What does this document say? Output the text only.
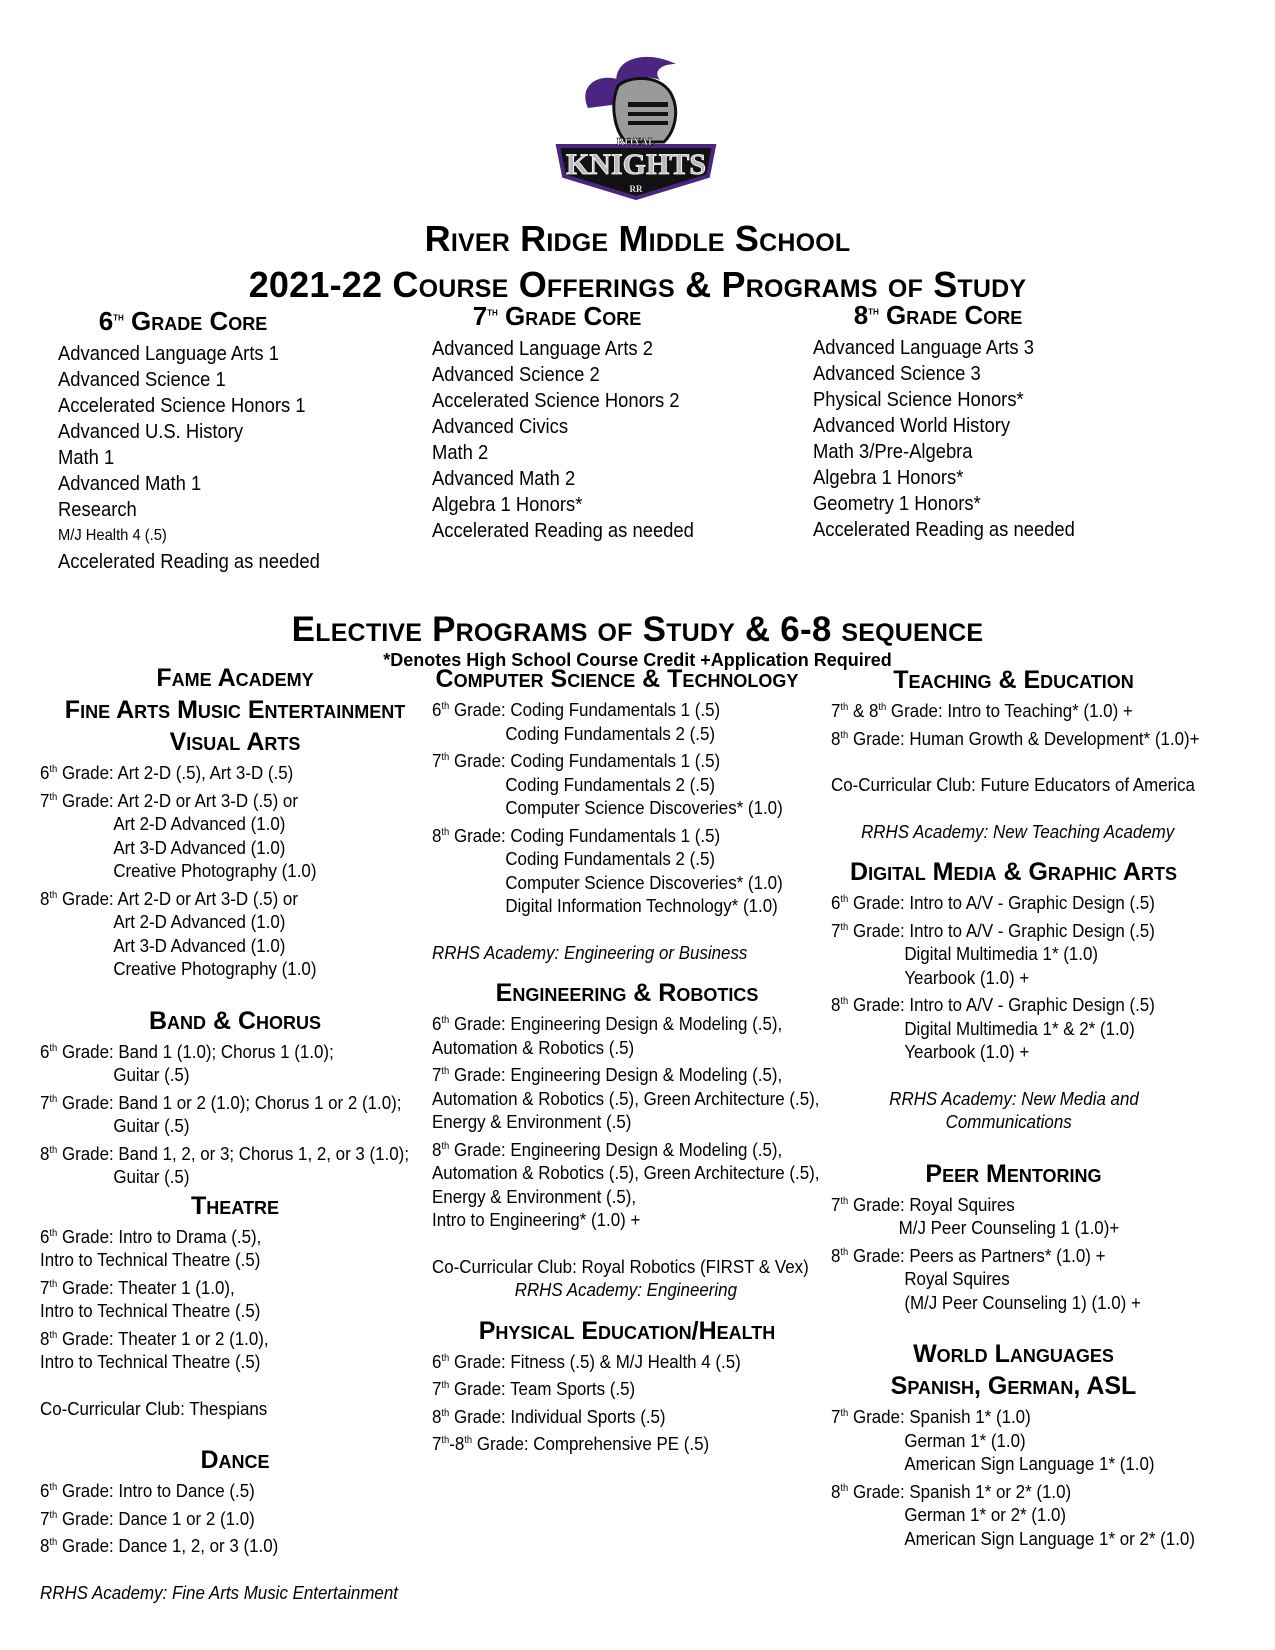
ROYAL
KNIGHTS
RR
River Ridge Middle School
2021-22 Course Offerings & Programs of Study
6th Grade Core
Advanced Language Arts 1
Advanced Science 1
Accelerated Science Honors 1
Advanced U.S. History
Math 1
Advanced Math 1
Research
M/J Health 4 (.5)
Accelerated Reading as needed
7th Grade Core
Advanced Language Arts 2
Advanced Science 2
Accelerated Science Honors 2
Advanced Civics
Math 2
Advanced Math 2
Algebra 1 Honors*
Accelerated Reading as needed
8th Grade Core
Advanced Language Arts 3
Advanced Science 3
Physical Science Honors*
Advanced World History
Math 3/Pre-Algebra
Algebra 1 Honors*
Geometry 1 Honors*
Accelerated Reading as needed
Elective Programs of Study & 6-8 sequence
*Denotes High School Course Credit +Application Required
Fame Academy
Fine Arts Music Entertainment
Visual Arts
6th Grade: Art 2-D (.5), Art 3-D (.5)
7th Grade: Art 2-D or Art 3-D (.5) or
Art 2-D Advanced (1.0)
Art 3-D Advanced (1.0)
Creative Photography (1.0)
8th Grade: Art 2-D or Art 3-D (.5) or
Art 2-D Advanced (1.0)
Art 3-D Advanced (1.0)
Creative Photography (1.0)
Band & Chorus
6th Grade: Band 1 (1.0); Chorus 1 (1.0);
Guitar (.5)
7th Grade: Band 1 or 2 (1.0); Chorus 1 or 2 (1.0);
Guitar (.5)
8th Grade: Band 1, 2, or 3; Chorus 1, 2, or 3 (1.0);
Guitar (.5)
Theatre
6th Grade: Intro to Drama (.5),
Intro to Technical Theatre (.5)
7th Grade: Theater 1 (1.0),
Intro to Technical Theatre (.5)
8th Grade: Theater 1 or 2 (1.0),
Intro to Technical Theatre (.5)
Co-Curricular Club: Thespians
Dance
6th Grade: Intro to Dance (.5)
7th Grade: Dance 1 or 2 (1.0)
8th Grade: Dance 1, 2, or 3 (1.0)
RRHS Academy: Fine Arts Music Entertainment
Computer Science & Technology
6th Grade: Coding Fundamentals 1 (.5)
Coding Fundamentals 2 (.5)
7th Grade: Coding Fundamentals 1 (.5)
Coding Fundamentals 2 (.5)
Computer Science Discoveries* (1.0)
8th Grade: Coding Fundamentals 1 (.5)
Coding Fundamentals 2 (.5)
Computer Science Discoveries* (1.0)
Digital Information Technology* (1.0)
RRHS Academy: Engineering or Business
Engineering & Robotics
6th Grade: Engineering Design & Modeling (.5),
Automation & Robotics (.5)
7th Grade: Engineering Design & Modeling (.5),
Automation & Robotics (.5), Green Architecture (.5),
Energy & Environment (.5)
8th Grade: Engineering Design & Modeling (.5),
Automation & Robotics (.5), Green Architecture (.5),
Energy & Environment (.5),
Intro to Engineering* (1.0) +
Co-Curricular Club: Royal Robotics (FIRST & Vex)
RRHS Academy: Engineering
Physical Education/Health
6th Grade: Fitness (.5) & M/J Health 4 (.5)
7th Grade: Team Sports (.5)
8th Grade: Individual Sports (.5)
7th-8th Grade: Comprehensive PE (.5)
Teaching & Education
7th & 8th Grade: Intro to Teaching* (1.0) +
8th Grade: Human Growth & Development* (1.0)+
Co-Curricular Club: Future Educators of America
RRHS Academy: New Teaching Academy
Digital Media & Graphic Arts
6th Grade: Intro to A/V - Graphic Design (.5)
7th Grade: Intro to A/V - Graphic Design (.5)
Digital Multimedia 1* (1.0)
Yearbook (1.0) +
8th Grade: Intro to A/V - Graphic Design (.5)
Digital Multimedia 1* & 2* (1.0)
Yearbook (1.0) +
RRHS Academy: New Media and
Communications
Peer Mentoring
7th Grade: Royal Squires
M/J Peer Counseling 1 (1.0)+
8th Grade: Peers as Partners* (1.0) +
Royal Squires
(M/J Peer Counseling 1) (1.0) +
World Languages
Spanish, German, ASL
7th Grade: Spanish 1* (1.0)
German 1* (1.0)
American Sign Language 1* (1.0)
8th Grade: Spanish 1* or 2* (1.0)
German 1* or 2* (1.0)
American Sign Language 1* or 2* (1.0)
